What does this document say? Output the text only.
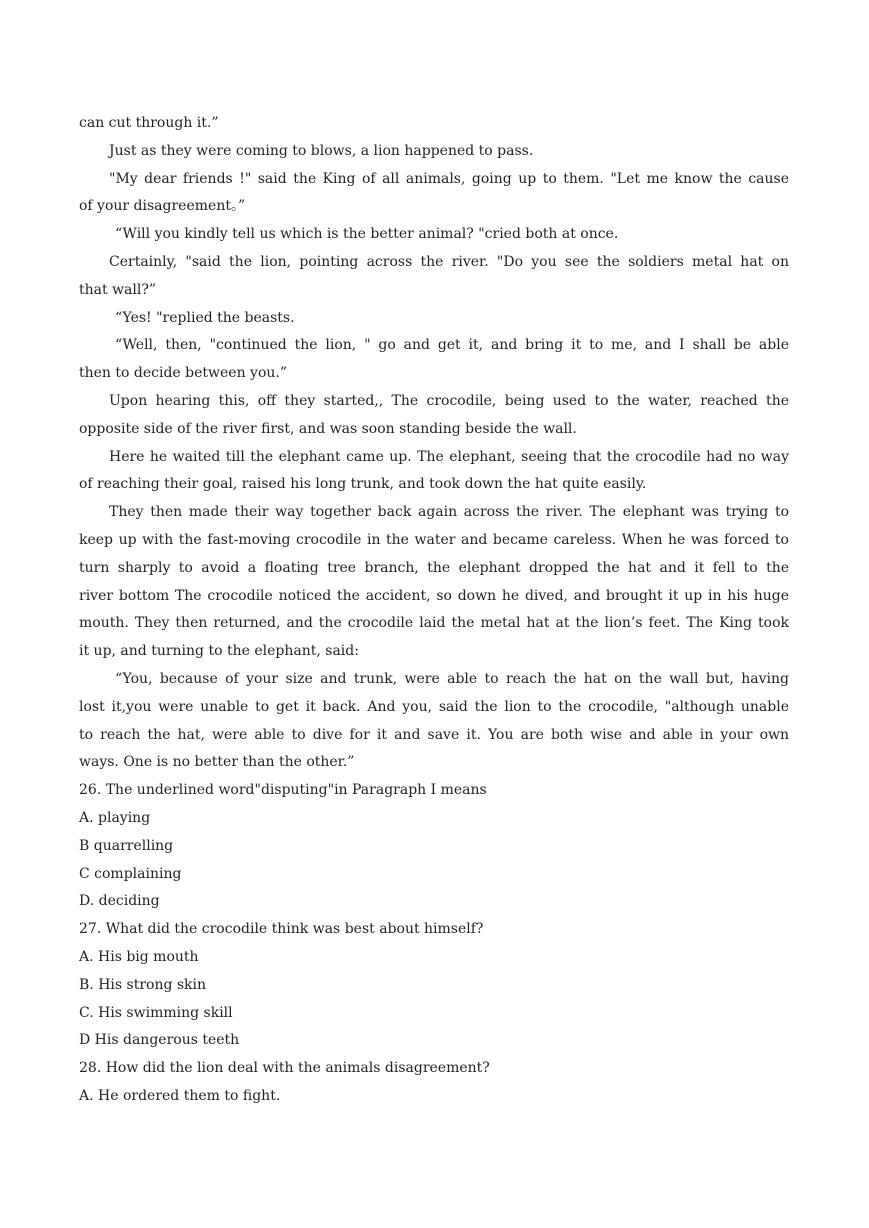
can cut through it.”
Just as they were coming to blows, a lion happened to pass.
"My dear friends !" said the King of all animals, going up to them. "Let me know the cause
of your disagreement。”
“Will you kindly tell us which is the better animal? "cried both at once.
Certainly, "said the lion, pointing across the river. "Do you see the soldiers metal hat on
that wall?”
“Yes! "replied the beasts.
“Well, then, "continued the lion, " go and get it, and bring it to me, and I shall be able
then to decide between you.”
Upon hearing this, off they started,, The crocodile, being used to the water, reached the
opposite side of the river first, and was soon standing beside the wall.
Here he waited till the elephant came up. The elephant, seeing that the crocodile had no way
of reaching their goal, raised his long trunk, and took down the hat quite easily.
They then made their way together back again across the river. The elephant was trying to
keep up with the fast-moving crocodile in the water and became careless. When he was forced to
turn sharply to avoid a floating tree branch, the elephant dropped the hat and it fell to the
river bottom The crocodile noticed the accident, so down he dived, and brought it up in his huge
mouth. They then returned, and the crocodile laid the metal hat at the lion’s feet. The King took
it up, and turning to the elephant, said:
“You, because of your size and trunk, were able to reach the hat on the wall but, having
lost it,you were unable to get it back. And you, said the lion to the crocodile, "although unable
to reach the hat, were able to dive for it and save it. You are both wise and able in your own
ways. One is no better than the other.”
26. The underlined word"disputing"in Paragraph I means
A. playing
B quarrelling
C complaining
D. deciding
27. What did the crocodile think was best about himself?
A. His big mouth
B. His strong skin
C. His swimming skill
D His dangerous teeth
28. How did the lion deal with the animals disagreement?
A. He ordered them to fight.
